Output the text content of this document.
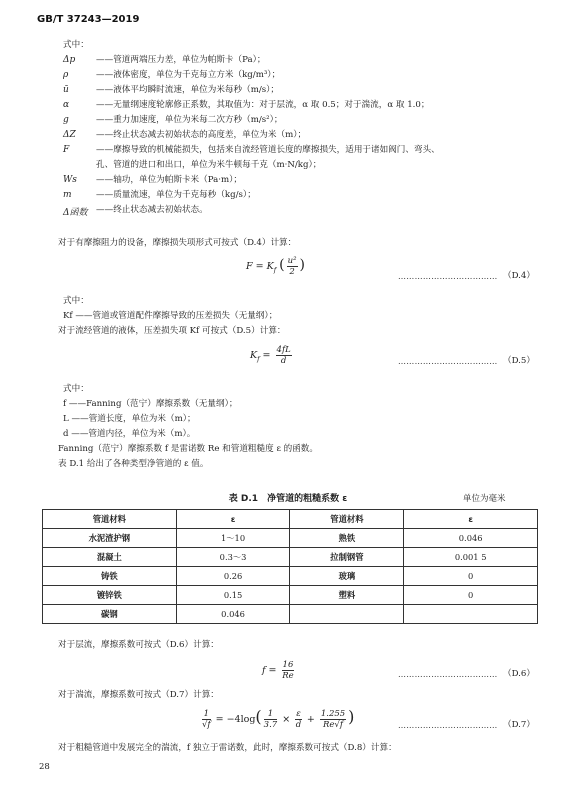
GB/T 37243—2019
式中：
Δp ——管道两端压力差，单位为帕斯卡（Pa）；
ρ	——液体密度，单位为千克每立方米（kg/m³）；
ū	——液体平均瞬时流速，单位为米每秒（m/s）；
α	——无量纲速度轮廓修正系数，其取值为：对于层流，α 取 0.5；对于湍流，α 取 1.0；
g	——重力加速度，单位为米每二次方秒（m/s²）；
ΔZ ——终止状态减去初始状态的高度差，单位为米（m）；
F	——摩擦导致的机械能损失，包括来自流经管道长度的摩擦损失，适用于诸如阀门、弯头、
孔、管道的进口和出口，单位为米牛顿每千克（m·N/kg）；
Ws ——轴功，单位为帕斯卡米（Pa·m）；
m	——质量流速，单位为千克每秒（kg/s）；
Δ函数 ——终止状态减去初始状态。
对于有摩擦阻力的设备，摩擦损失项形式可按式（D.4）计算：
$F = K_f$ ( $\frac{\text{u²}}{2}$ )
……………………………… （D.4）
式中：
Kf ——管道或管道配件摩擦导致的压差损失（无量纲）；
对于流经管道的液体，压差损失项 Kf 可按式（D.5）计算：
$K_f = \frac{4fL}{d}$	……………………………… （D.5）
式中：
f ——Fanning（范宁）摩擦系数（无量纲）；
L ——管道长度，单位为米（m）；
d ——管道内径，单位为米（m）。
Fanning（范宁）摩擦系数 f 是雷诺数 Re 和管道粗糙度 ε 的函数。
表 D.1 给出了各种类型净管道的 ε 值。
表 D.1　净管道的粗糙系数 ε	单位为毫米
管道材料	ε	管道材料	ε
水泥渣护钢	1～10	熟铁	0.046
混凝土	0.3～3	拉制钢管	0.001 5
铸铁	0.26	玻璃	0
镀锌铁	0.15	塑料	0
碳钢	0.046		
对于层流，摩擦系数可按式（D.6）计算：
$f = \frac{16}{Re}$	……………………………… （D.6）
对于湍流，摩擦系数可按式（D.7）计算：
$\frac{1}{√f} = -4\log( \frac{1}{3.7} \times \frac{\varepsilon}{d} + \frac{1.255}{Re√f}$ )	……………………………… （D.7）
对于粗糙管道中发展完全的湍流，f 独立于雷诺数，此时，摩擦系数可按式（D.8）计算：
28
